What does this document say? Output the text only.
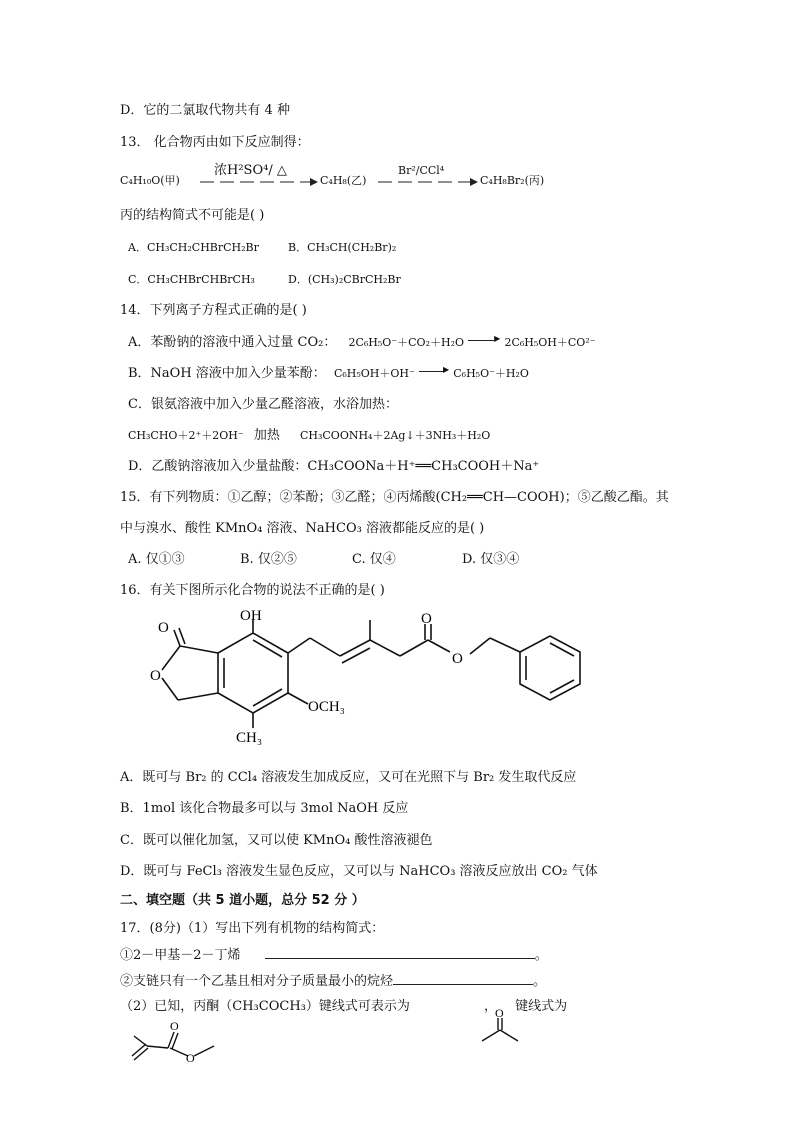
D．它的二氯取代物共有 4 种
13． 化合物丙由如下反应制得：
C₄H₁₀O(甲)
浓H²SO⁴/ △
C₄H₈(乙)
Br²/CCl⁴
C₄H₈Br₂(丙)
丙的结构简式不可能是( )
A．CH₃CH₂CHBrCH₂Br	B．CH₃CH(CH₂Br)₂
C．CH₃CHBrCHBrCH₃	D．(CH₃)₂CBrCH₂Br
14．下列离子方程式正确的是( )
A．苯酚钠的溶液中通入过量 CO₂： 2C₆H₅O⁻＋CO₂＋H₂O	▶ 2C₆H₅OH＋CO²⁻
B．NaOH 溶液中加入少量苯酚： C₆H₅OH＋OH⁻	▶ C₆H₅O⁻＋H₂O
C．银氨溶液中加入少量乙醛溶液，水浴加热：
CH₃CHO＋2⁺＋2OH⁻ 加热 CH₃COONH₄＋2Ag↓＋3NH₃＋H₂O
D．乙酸钠溶液加入少量盐酸：CH₃COONa＋H⁺══CH₃COOH＋Na⁺
15．有下列物质：①乙醇；②苯酚；③乙醛；④丙烯酸(CH₂══CH—COOH)；⑤乙酸乙酯。其
中与溴水、酸性 KMnO₄ 溶液、NaHCO₃ 溶液都能反应的是( )
A. 仅①③	B. 仅②⑤	C. 仅④	D. 仅③④
16．有关下图所示化合物的说法不正确的是( )
O
O
OH
OCH₃
CH₃
O
O
A．既可与 Br₂ 的 CCl₄ 溶液发生加成反应，又可在光照下与 Br₂ 发生取代反应
B．1mol 该化合物最多可以与 3mol NaOH 反应
C．既可以催化加氢，又可以使 KMnO₄ 酸性溶液褪色
D．既可与 FeCl₃ 溶液发生显色反应，又可以与 NaHCO₃ 溶液反应放出 CO₂ 气体
二、填空题（共 5 道小题，总分 52 分 ）
17．(8分)（1）写出下列有机物的结构简式：
①2－甲基－2－丁烯	。
②支链只有一个乙基且相对分子质量最小的烷烃	。
（2）已知，丙酮（CH₃COCH₃）键线式可表示为	， 键线式为
O
O
O
